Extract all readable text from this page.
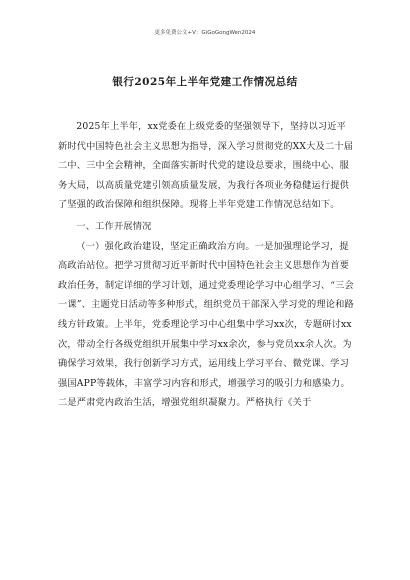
更多免费公文+V：GiGoGongWen2024
银行2025年上半年党建工作情况总结

2025年上半年，xx党委在上级党委的坚强领导下，坚持以习近平新时代中国特色社会主义思想为指导，深入学习贯彻党的XX大及二十届二中、三中全会精神，全面落实新时代党的建设总要求，围绕中心、服务大局，以高质量党建引领高质量发展，为我行各项业务稳健运行提供了坚强的政治保障和组织保障。现将上半年党建工作情况总结如下。

一、工作开展情况

（一）强化政治建设，坚定正确政治方向。一是加强理论学习，提高政治站位。把学习贯彻习近平新时代中国特色社会主义思想作为首要政治任务，制定详细的学习计划，通过党委理论学习中心组学习、“三会一课”、主题党日活动等多种形式，组织党员干部深入学习党的理论和路线方针政策。上半年，党委理论学习中心组集中学习xx次，专题研讨xx次，带动全行各级党组织开展集中学习xx余次，参与党员xx余人次。为确保学习效果，我行创新学习方式，运用线上学习平台、微党课、学习强国APP等载体，丰富学习内容和形式，增强学习的吸引力和感染力。二是严肃党内政治生活，增强党组织凝聚力。严格执行《关于
